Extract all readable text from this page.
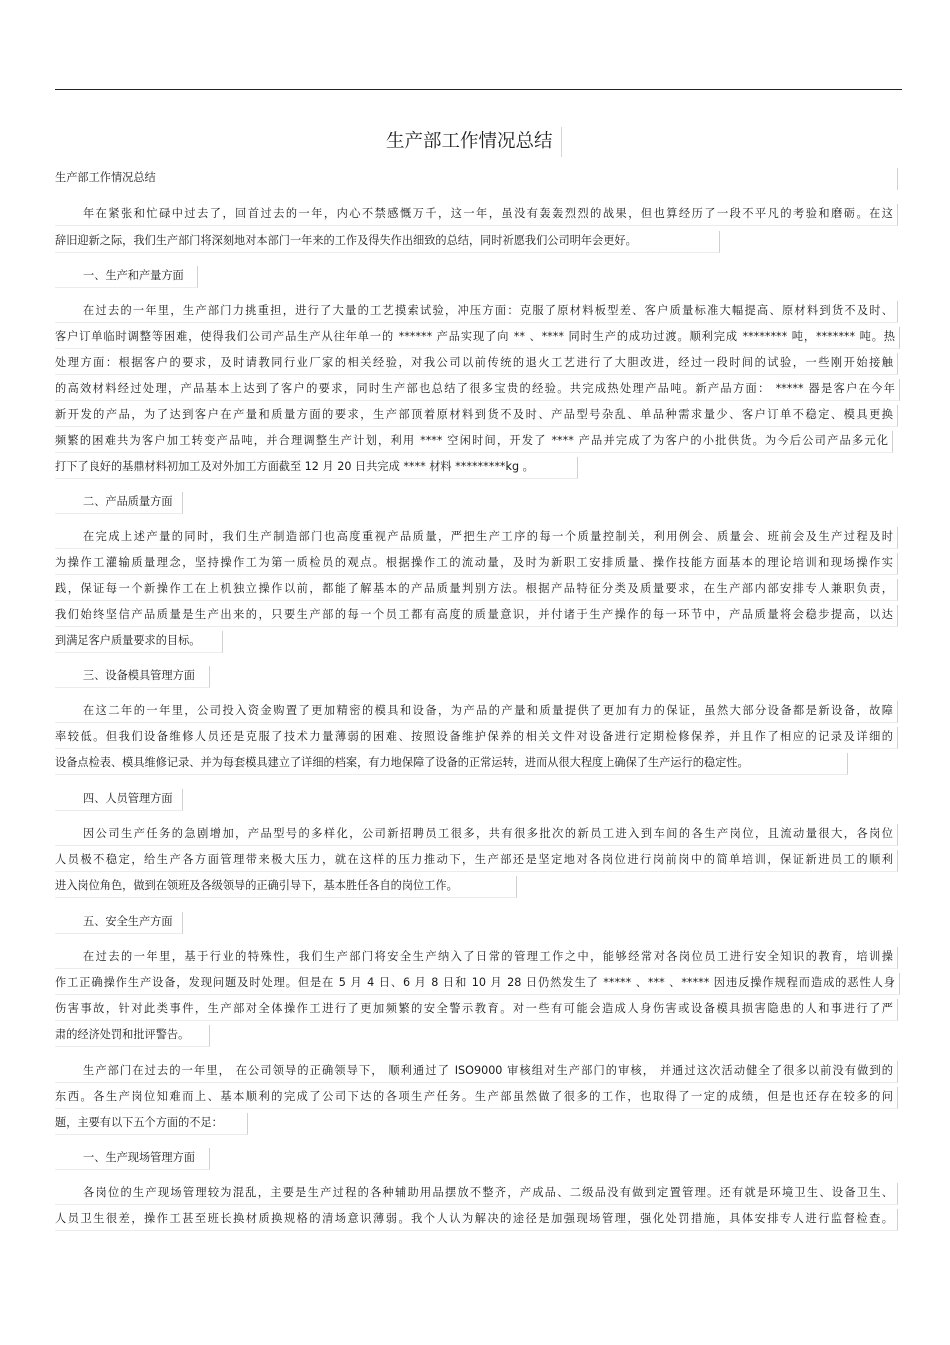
生产部工作情况总结
生产部工作情况总结
年在紧张和忙碌中过去了，回首过去的一年，内心不禁感慨万千，这一年，虽没有轰轰烈烈的战果，但也算经历了一段不平凡的考验和磨砺。在这
辞旧迎新之际，我们生产部门将深刻地对本部门一年来的工作及得失作出细致的总结，同时祈愿我们公司明年会更好。
一、生产和产量方面
在过去的一年里，生产部门力挑重担，进行了大量的工艺摸索试验，冲压方面：克服了原材料板型差、客户质量标准大幅提高、原材料到货不及时、
客户订单临时调整等困难，使得我们公司产品生产从往年单一的 ****** 产品实现了向 ** 、**** 同时生产的成功过渡。顺利完成 ******** 吨，******* 吨。热
处理方面：根据客户的要求，及时请教同行业厂家的相关经验，对我公司以前传统的退火工艺进行了大胆改进，经过一段时间的试验，一些刚开始接触
的高效材料经过处理，产品基本上达到了客户的要求，同时生产部也总结了很多宝贵的经验。共完成热处理产品吨。新产品方面： ***** 器是客户在今年
新开发的产品，为了达到客户在产量和质量方面的要求，生产部顶着原材料到货不及时、产品型号杂乱、单品种需求量少、客户订单不稳定、模具更换
频繁的困难共为客户加工转变产品吨，并合理调整生产计划，利用 **** 空闲时间，开发了 **** 产品并完成了为客户的小批供货。为今后公司产品多元化
打下了良好的基鼎材料初加工及对外加工方面截至 12 月 20 日共完成 **** 材料 *********kg 。
二、产品质量方面
在完成上述产量的同时，我们生产制造部门也高度重视产品质量，严把生产工序的每一个质量控制关，利用例会、质量会、班前会及生产过程及时
为操作工灌输质量理念，坚持操作工为第一质检员的观点。根据操作工的流动量，及时为新职工安排质量、操作技能方面基本的理论培训和现场操作实
践，保证每一个新操作工在上机独立操作以前，都能了解基本的产品质量判别方法。根据产品特征分类及质量要求，在生产部内部安排专人兼职负责，
我们始终坚信产品质量是生产出来的，只要生产部的每一个员工都有高度的质量意识，并付诸于生产操作的每一环节中，产品质量将会稳步提高，以达
到满足客户质量要求的目标。
三、设备模具管理方面
在这二年的一年里，公司投入资金购置了更加精密的模具和设备，为产品的产量和质量提供了更加有力的保证，虽然大部分设备都是新设备，故障
率较低。但我们设备维修人员还是克服了技术力量薄弱的困难、按照设备维护保养的相关文件对设备进行定期检修保养，并且作了相应的记录及详细的
设备点检表、模具维修记录、并为每套模具建立了详细的档案，有力地保障了设备的正常运转，进而从很大程度上确保了生产运行的稳定性。
四、人员管理方面
因公司生产任务的急剧增加，产品型号的多样化，公司新招聘员工很多，共有很多批次的新员工进入到车间的各生产岗位，且流动量很大，各岗位
人员极不稳定，给生产各方面管理带来极大压力，就在这样的压力推动下，生产部还是坚定地对各岗位进行岗前岗中的简单培训，保证新进员工的顺利
进入岗位角色，做到在领班及各级领导的正确引导下，基本胜任各自的岗位工作。
五、安全生产方面
在过去的一年里，基于行业的特殊性，我们生产部门将安全生产纳入了日常的管理工作之中，能够经常对各岗位员工进行安全知识的教育，培训操
作工正确操作生产设备，发现问题及时处理。但是在 5 月 4 日、6 月 8 日和 10 月 28 日仍然发生了 ***** 、*** 、***** 因违反操作规程而造成的恶性人身
伤害事故，针对此类事件，生产部对全体操作工进行了更加频繁的安全警示教育。对一些有可能会造成人身伤害或设备模具损害隐患的人和事进行了严
肃的经济处罚和批评警告。
生产部门在过去的一年里， 在公司领导的正确领导下， 顺利通过了 ISO9000 审核组对生产部门的审核， 并通过这次活动健全了很多以前没有做到的
东西。各生产岗位知难而上、基本顺利的完成了公司下达的各项生产任务。生产部虽然做了很多的工作，也取得了一定的成绩，但是也还存在较多的问
题，主要有以下五个方面的不足：
一、生产现场管理方面
各岗位的生产现场管理较为混乱，主要是生产过程的各种辅助用品摆放不整齐，产成品、二级品没有做到定置管理。还有就是环境卫生、设备卫生、
人员卫生很差，操作工甚至班长换材质换规格的清场意识薄弱。我个人认为解决的途径是加强现场管理，强化处罚措施，具体安排专人进行监督检查。
